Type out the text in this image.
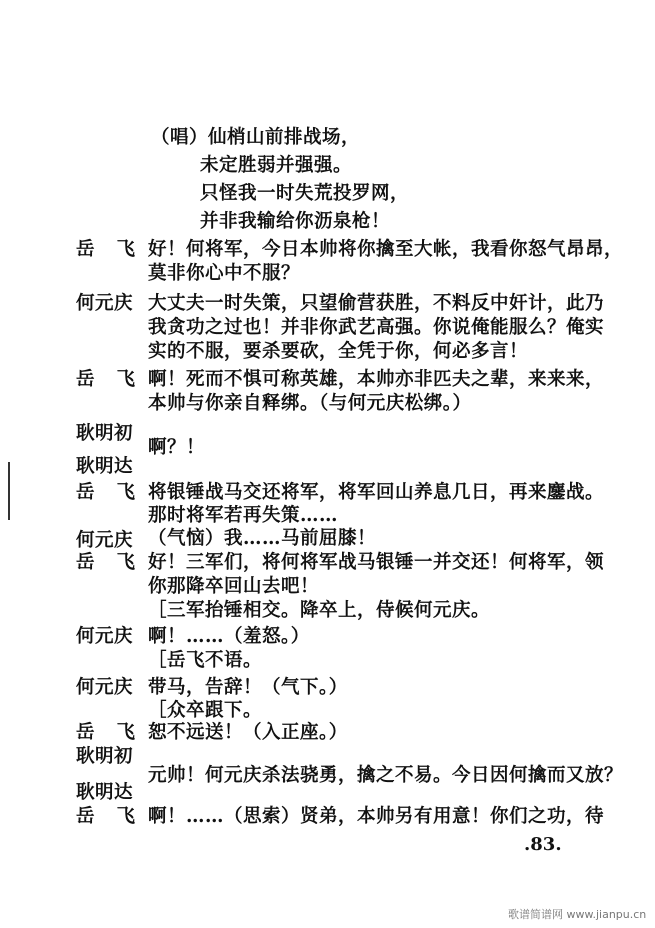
（唱）仙梢山前排战场，
未定胜弱并强强。
只怪我一时失荒投罗网，
并非我输给你沥泉枪！
岳飞
好！何将军，今日本帅将你擒至大帐，我看你怒气昂昂，
莫非你心中不服？
何元庆 大丈夫一时失策，只望偷营获胜，不料反中奸计，此乃
我贪功之过也！并非你武艺高强。你说俺能服么？俺实
实的不服，要杀要砍，全凭于你，何必多言！
岳飞
啊！死而不惧可称英雄，本帅亦非匹夫之辈，来来来，
本帅与你亲自释绑。（与何元庆松绑。）
耿明初
啊？！
耿明达
岳飞
将银锤战马交还将军，将军回山养息几日，再来鏖战。
那时将军若再失策……
何元庆 （气恼）我……马前屈膝！
岳飞
好！三军们，将何将军战马银锤一并交还！何将军，领
你那降卒回山去吧！
［三军抬锤相交。降卒上，侍候何元庆。
何元庆 啊！……（羞怒。）
［岳飞不语。
何元庆 带马，告辞！（气下。）
［众卒跟下。
岳飞
恕不远送！（入正座。）
耿明初
元帅！何元庆杀法骁勇，擒之不易。今日因何擒而又放？
耿明达
岳飞
啊！……（思索）贤弟，本帅另有用意！你们之功，待
.83.
歌谱简谱网 www.jianpu.cn
